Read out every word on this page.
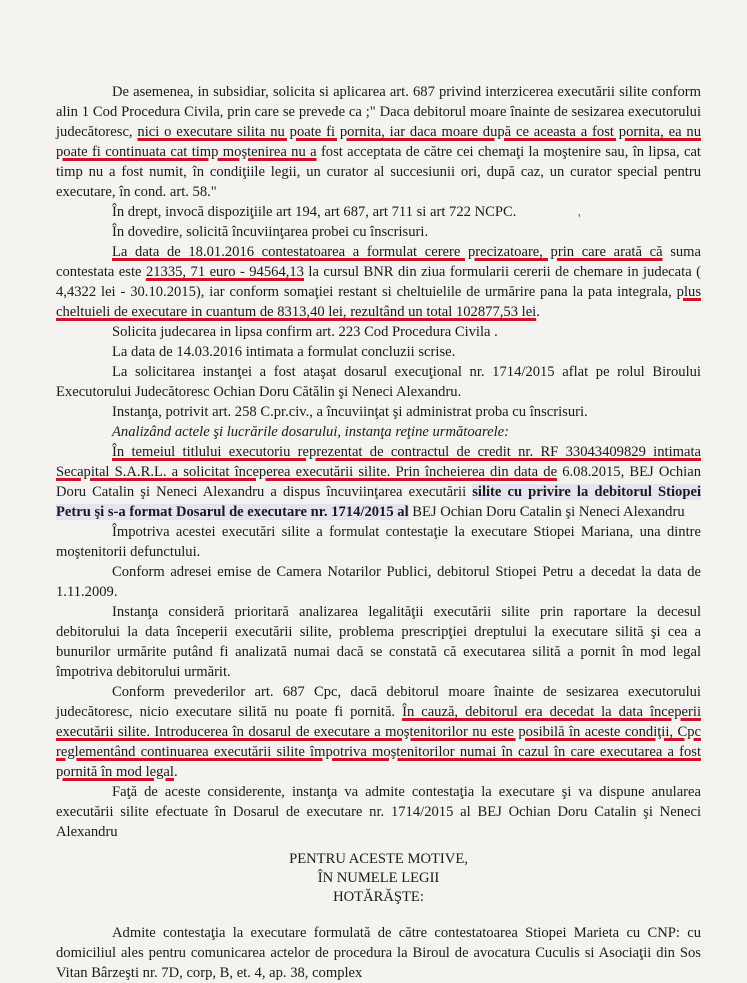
De asemenea, in subsidiar, solicita si aplicarea art. 687 privind interzicerea executării silite conform alin 1 Cod Procedura Civila, prin care se prevede ca ;" Daca debitorul moare înainte de sesizarea executorului judecătoresc, nici o executare silita nu poate fi pornita, iar daca moare după ce aceasta a fost pornita, ea nu poate fi continuata cat timp moştenirea nu a fost acceptata de către cei chemaţi la moştenire sau, în lipsa, cat timp nu a fost numit, în condiţiile legii, un curator al succesiunii ori, după caz, un curator special pentru executare, în cond. art. 58."

În drept, invocă dispoziţiile art 194, art 687, art 711 si art 722 NCPC.

În dovedire, solicită încuviinţarea probei cu înscrisuri.

La data de 18.01.2016 contestatoarea a formulat cerere precizatoare, prin care arată că suma contestata este 21335, 71 euro - 94564,13 la cursul BNR din ziua formularii cererii de chemare in judecata ( 4,4322 lei - 30.10.2015), iar conform somaţiei restant si cheltuielile de urmărire pana la pata integrala, plus cheltuieli de executare in cuantum de 8313,40 lei, rezultând un total 102877,53 lei.

Solicita judecarea in lipsa confirm art. 223 Cod Procedura Civila .

La data de 14.03.2016 intimata a formulat concluzii scrise.

La solicitarea instanţei a fost ataşat dosarul execuţional nr. 1714/2015 aflat pe rolul Biroului Executorului Judecătoresc Ochian Doru Cătălin şi Neneci Alexandru.

Instanţa, potrivit art. 258 C.pr.civ., a încuviinţat şi administrat proba cu înscrisuri.

Analizând actele şi lucrările dosarului, instanţa reţine următoarele:

În temeiul titlului executoriu reprezentat de contractul de credit nr. RF 33043409829 intimata Secapital S.A.R.L. a solicitat începerea executării silite. Prin încheierea din data de 6.08.2015, BEJ Ochian Doru Catalin şi Neneci Alexandru a dispus încuviinţarea executării silite cu privire la debitorul Stiopei Petru şi s-a format Dosarul de executare nr. 1714/2015 al BEJ Ochian Doru Catalin şi Neneci Alexandru

Împotriva acestei executări silite a formulat contestaţie la executare Stiopei Mariana, una dintre moştenitorii defunctului.

Conform adresei emise de Camera Notarilor Publici, debitorul Stiopei Petru a decedat la data de 1.11.2009.

Instanţa consideră prioritară analizarea legalităţii executării silite prin raportare la decesul debitorului la data începerii executării silite, problema prescripţiei dreptului la executare silită şi cea a bunurilor urmărite putând fi analizată numai dacă se constată că executarea silită a pornit în mod legal împotriva debitorului urmărit.

Conform prevederilor art. 687 Cpc, dacă debitorul moare înainte de sesizarea executorului judecătoresc, nicio executare silită nu poate fi pornită. În cauză, debitorul era decedat la data începerii executării silite. Introducerea în dosarul de executare a moştenitorilor nu este posibilă în aceste condiţii, Cpc reglementând continuarea executării silite împotriva moştenitorilor numai în cazul în care executarea a fost pornită în mod legal.

Faţă de aceste considerente, instanţa va admite contestaţia la executare şi va dispune anularea executării silite efectuate în Dosarul de executare nr. 1714/2015 al BEJ Ochian Doru Catalin şi Neneci Alexandru

PENTRU ACESTE MOTIVE,

ÎN NUMELE LEGII

HOTĂRĂŞTE:

Admite contestaţia la executare formulată de către contestatoarea Stiopei Marieta cu CNP: cu domiciliul ales pentru comunicarea actelor de procedura la Biroul de avocatura Cuculis si Asociaţii din Sos Vitan Bârzeşti nr. 7D, corp, B, et. 4, ap. 38, complex

'
